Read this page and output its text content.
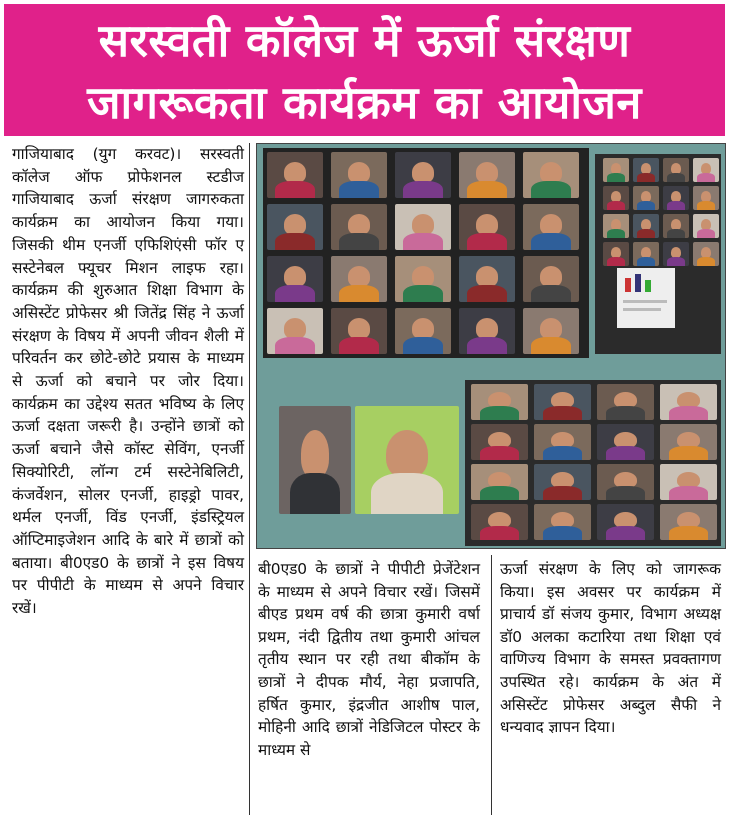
सरस्वती कॉलेज में ऊर्जा संरक्षण
जागरूकता कार्यक्रम का आयोजन

गाजियाबाद (युग करवट)। सरस्वती कॉलेज ऑफ प्रोफेशनल स्टडीज गाजियाबाद ऊर्जा संरक्षण जागरुकता कार्यक्रम का आयोजन किया गया। जिसकी थीम एनर्जी एफिशिएंसी फॉर ए सस्टेनेबल फ्यूचर मिशन लाइफ रहा। कार्यक्रम की शुरुआत शिक्षा विभाग के असिस्टेंट प्रोफेसर श्री जितेंद्र सिंह ने ऊर्जा संरक्षण के विषय में अपनी जीवन शैली में परिवर्तन कर छोटे-छोटे प्रयास के माध्यम से ऊर्जा को बचाने पर जोर दिया। कार्यक्रम का उद्देश्य सतत भविष्य के लिए ऊर्जा दक्षता जरूरी है। उन्होंने छात्रों को ऊर्जा बचाने जैसे कॉस्ट सेविंग, एनर्जी सिक्योरिटी, लॉन्ग टर्म सस्टेनेबिलिटी, कंजर्वेशन, सोलर एनर्जी, हाइड्रो पावर, थर्मल एनर्जी, विंड एनर्जी, इंडस्ट्रियल ऑप्टिमाइजेशन आदि के बारे में छात्रों को बताया। बी0एड0 के छात्रों ने इस विषय पर पीपीटी के माध्यम से अपने विचार रखें।

बी0एड0 के छात्रों ने पीपीटी प्रेजेंटेशन के माध्यम से अपने विचार रखें। जिसमें बीएड प्रथम वर्ष की छात्रा कुमारी वर्षा प्रथम, नंदी द्वितीय तथा कुमारी आंचल तृतीय स्थान पर रही तथा बीकॉम के छात्रों ने दीपक मौर्य, नेहा प्रजापति, हर्षित कुमार, इंद्रजीत आशीष पाल, मोहिनी आदि छात्रों नेडिजिटल पोस्टर के माध्यम से

ऊर्जा संरक्षण के लिए को जागरूक किया। इस अवसर पर कार्यक्रम में प्राचार्य डॉ संजय कुमार, विभाग अध्यक्ष डॉ0 अलका कटारिया तथा शिक्षा एवं वाणिज्य विभाग के समस्त प्रवक्तागण उपस्थित रहे। कार्यक्रम के अंत में असिस्टेंट प्रोफेसर अब्दुल सैफी ने धन्यवाद ज्ञापन दिया।
